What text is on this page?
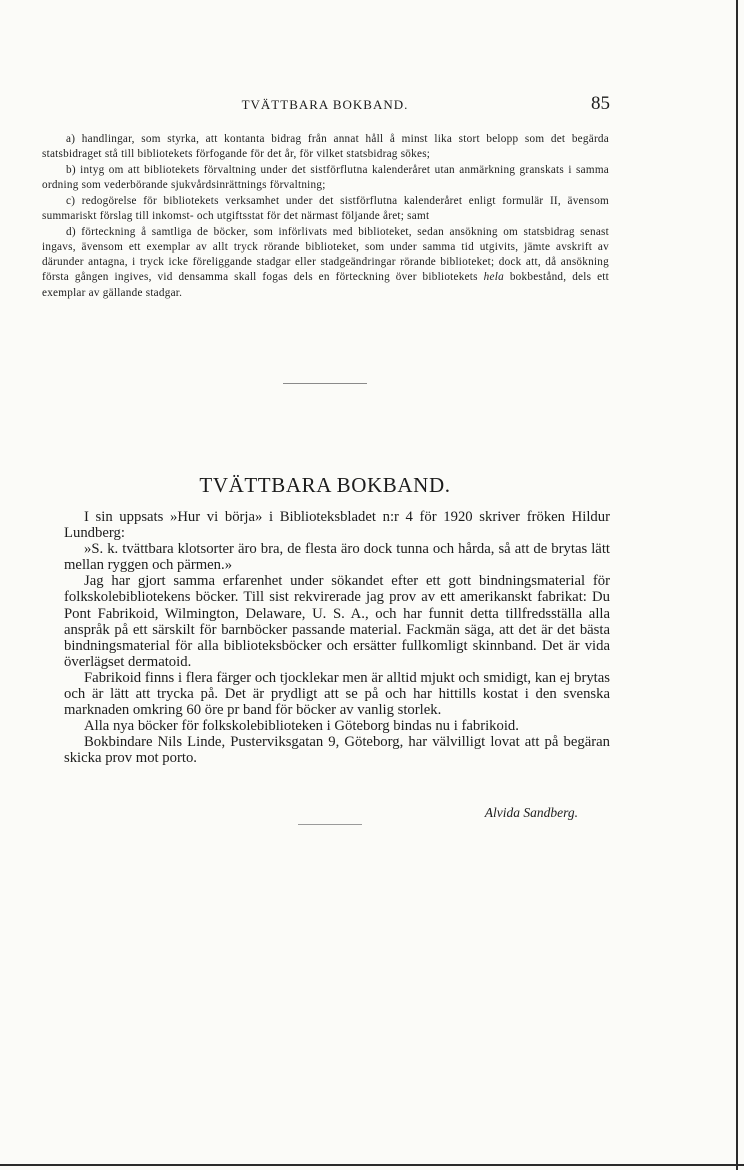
TVÄTTBARA BOKBAND.	85

a) handlingar, som styrka, att kontanta bidrag från annat håll å minst lika stort belopp som det begärda statsbidraget stå till bibliotekets förfogande för det år, för vilket statsbidrag sökes;

b) intyg om att bibliotekets förvaltning under det sistförflutna kalenderåret utan anmärkning granskats i samma ordning som vederbörande sjukvårdsinrättnings förvaltning;

c) redogörelse för bibliotekets verksamhet under det sistförflutna kalenderåret enligt formulär II, ävensom summariskt förslag till inkomst- och utgiftsstat för det närmast följande året; samt

d) förteckning å samtliga de böcker, som införlivats med biblioteket, sedan ansökning om statsbidrag senast ingavs, ävensom ett exemplar av allt tryck rörande biblioteket, som under samma tid utgivits, jämte avskrift av därunder antagna, i tryck icke föreliggande stadgar eller stadgeändringar rörande biblioteket; dock att, då ansökning första gången ingives, vid densamma skall fogas dels en förteckning över bibliotekets hela bokbestånd, dels ett exemplar av gällande stadgar.

TVÄTTBARA BOKBAND.

I sin uppsats »Hur vi börja» i Biblioteksbladet n:r 4 för 1920 skriver fröken Hildur Lundberg:

»S. k. tvättbara klotsorter äro bra, de flesta äro dock tunna och hårda, så att de brytas lätt mellan ryggen och pärmen.»

Jag har gjort samma erfarenhet under sökandet efter ett gott bindningsmaterial för folkskolebibliotekens böcker. Till sist rekvirerade jag prov av ett amerikanskt fabrikat: Du Pont Fabrikoid, Wilmington, Delaware, U. S. A., och har funnit detta tillfredsställa alla anspråk på ett särskilt för barnböcker passande material. Fackmän säga, att det är det bästa bindningsmaterial för alla biblioteksböcker och ersätter fullkomligt skinnband. Det är vida överlägset dermatoid.

Fabrikoid finns i flera färger och tjocklekar men är alltid mjukt och smidigt, kan ej brytas och är lätt att trycka på. Det är prydligt att se på och har hittills kostat i den svenska marknaden omkring 60 öre pr band för böcker av vanlig storlek.

Alla nya böcker för folkskolebiblioteken i Göteborg bindas nu i fabrikoid.

Bokbindare Nils Linde, Pusterviksgatan 9, Göteborg, har välvilligt lovat att på begäran skicka prov mot porto.

Alvida Sandberg.
